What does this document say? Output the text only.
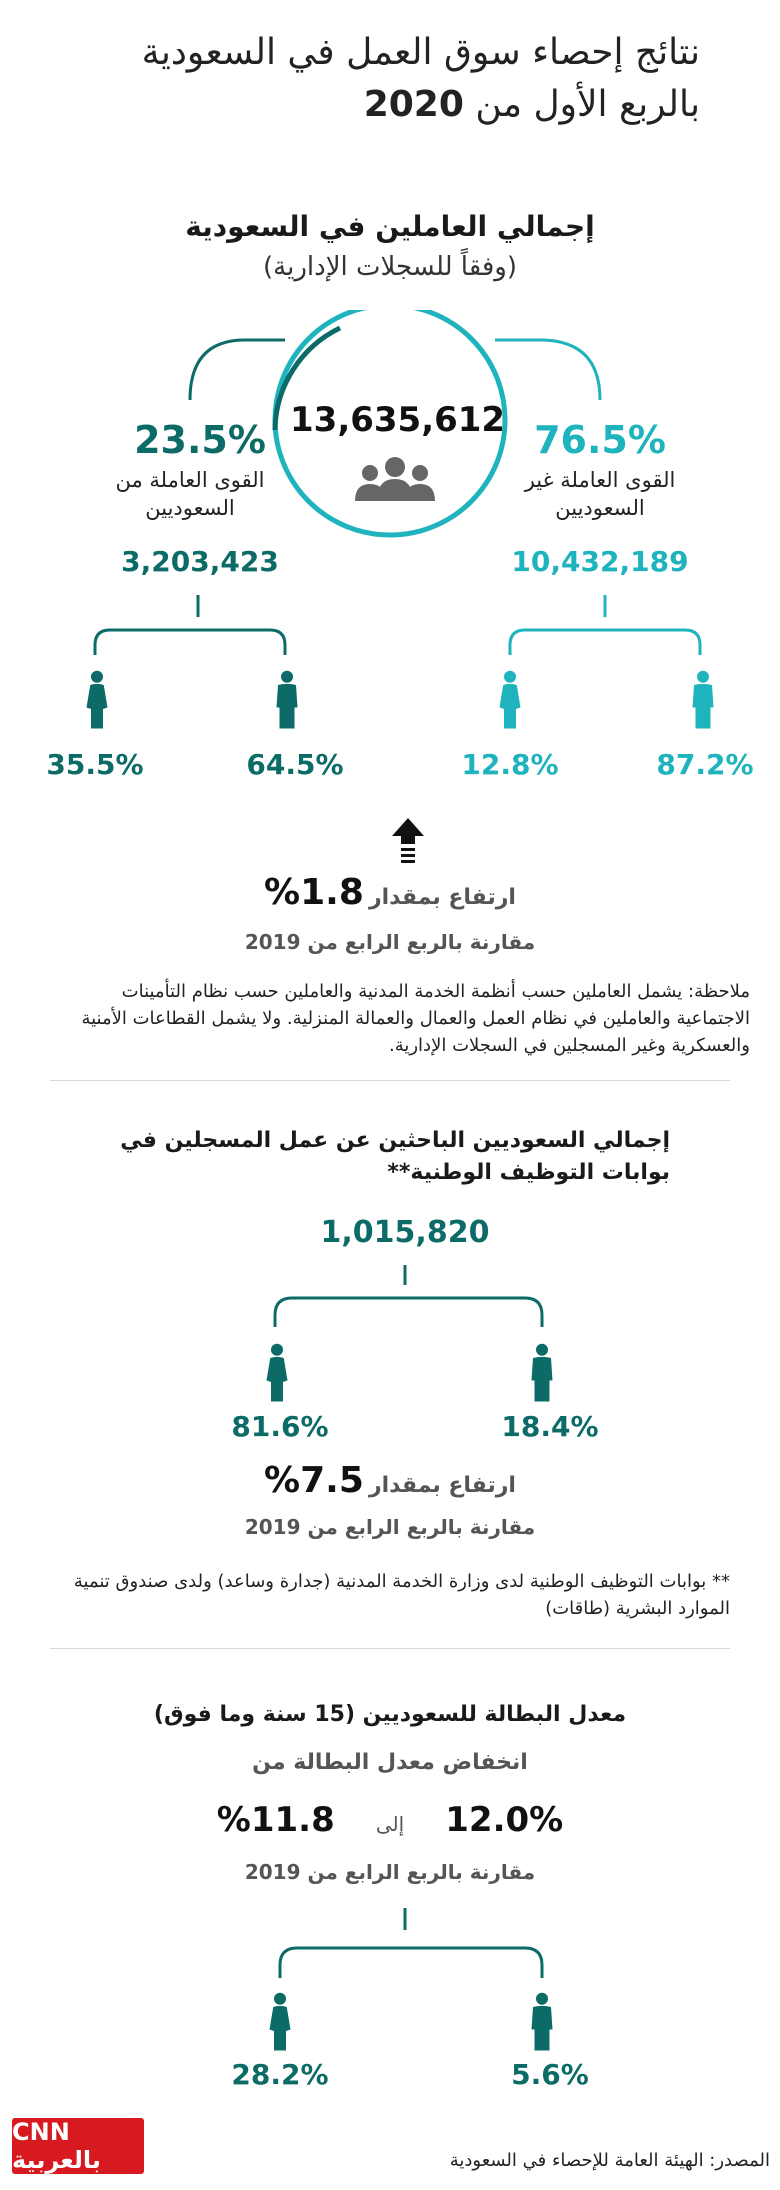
نتائج إحصاء سوق العمل في السعودية
بالربع الأول من 2020
إجمالي العاملين في السعودية
(وفقاً للسجلات الإدارية)
13,635,612
23.5%
القوى العاملة من السعوديين
3,203,423
76.5%
القوى العاملة غير السعوديين
10,432,189
35.5%	64.5%	12.8%	87.2%
ارتفاع بمقدار 1.8%
مقارنة بالربع الرابع من 2019
ملاحظة: يشمل العاملين حسب أنظمة الخدمة المدنية والعاملين حسب نظام التأمينات الاجتماعية والعاملين في نظام العمل والعمال والعمالة المنزلية. ولا يشمل القطاعات الأمنية والعسكرية وغير المسجلين في السجلات الإدارية.
إجمالي السعوديين الباحثين عن عمل المسجلين في بوابات التوظيف الوطنية**
1,015,820
81.6%	18.4%
ارتفاع بمقدار 7.5%
مقارنة بالربع الرابع من 2019
** بوابات التوظيف الوطنية لدى وزارة الخدمة المدنية (جدارة وساعد) ولدى صندوق تنمية الموارد البشرية (طاقات)
معدل البطالة للسعوديين (15 سنة وما فوق)
انخفاض معدل البطالة من
12.0% إلى 11.8%
مقارنة بالربع الرابع من 2019
28.2%	5.6%
CNN بالعربية	المصدر: الهيئة العامة للإحصاء في السعودية
